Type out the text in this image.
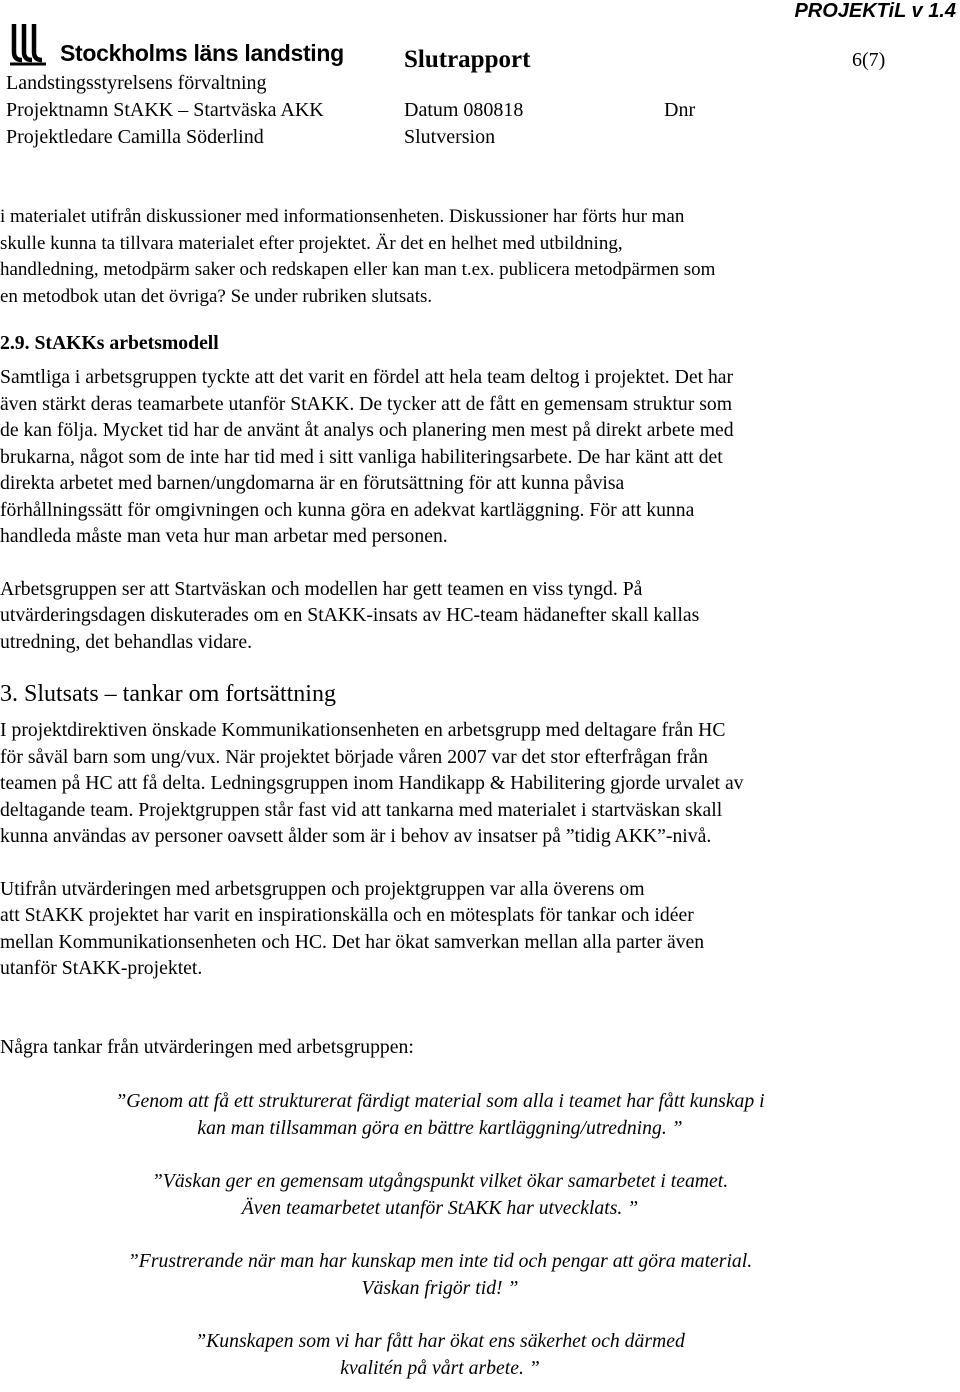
PROJEKTiL v 1.4
Stockholms läns landsting
Landstingsstyrelsens förvaltning
Projektnamn StAKK – Startväska AKK
Projektledare Camilla Söderlind
Slutrapport	6(7)
Datum 080818	Dnr
Slutversion

i materialet utifrån diskussioner med informationsenheten. Diskussioner har förts hur man

skulle kunna ta tillvara materialet efter projektet. Är det en helhet med utbildning,

handledning, metodpärm saker och redskapen eller kan man t.ex. publicera metodpärmen som

en metodbok utan det övriga? Se under rubriken slutsats.

2.9. StAKKs arbetsmodell

Samtliga i arbetsgruppen tyckte att det varit en fördel att hela team deltog i projektet. Det har

även stärkt deras teamarbete utanför StAKK. De tycker att de fått en gemensam struktur som

de kan följa. Mycket tid har de använt åt analys och planering men mest på direkt arbete med

brukarna, något som de inte har tid med i sitt vanliga habiliteringsarbete. De har känt att det

direkta arbetet med barnen/ungdomarna är en förutsättning för att kunna påvisa

förhållningssätt för omgivningen och kunna göra en adekvat kartläggning. För att kunna

handleda måste man veta hur man arbetar med personen.

Arbetsgruppen ser att Startväskan och modellen har gett teamen en viss tyngd. På

utvärderingsdagen diskuterades om en StAKK-insats av HC-team hädanefter skall kallas

utredning, det behandlas vidare.

3. Slutsats – tankar om fortsättning

I projektdirektiven önskade Kommunikationsenheten en arbetsgrupp med deltagare från HC

för såväl barn som ung/vux. När projektet började våren 2007 var det stor efterfrågan från

teamen på HC att få delta. Ledningsgruppen inom Handikapp & Habilitering gjorde urvalet av

deltagande team. Projektgruppen står fast vid att tankarna med materialet i startväskan skall

kunna användas av personer oavsett ålder som är i behov av insatser på ”tidig AKK”-nivå.

Utifrån utvärderingen med arbetsgruppen och projektgruppen var alla överens om

att StAKK projektet har varit en inspirationskälla och en mötesplats för tankar och idéer

mellan Kommunikationsenheten och HC. Det har ökat samverkan mellan alla parter även

utanför StAKK-projektet.

Några tankar från utvärderingen med arbetsgruppen:

”Genom att få ett strukturerat färdigt material som alla i teamet har fått kunskap i

kan man tillsamman göra en bättre kartläggning/utredning. ”

”Väskan ger en gemensam utgångspunkt vilket ökar samarbetet i teamet.

Även teamarbetet utanför StAKK har utvecklats. ”

”Frustrerande när man har kunskap men inte tid och pengar att göra material.

Väskan frigör tid! ”

”Kunskapen som vi har fått har ökat ens säkerhet och därmed

kvalitén på vårt arbete. ”
